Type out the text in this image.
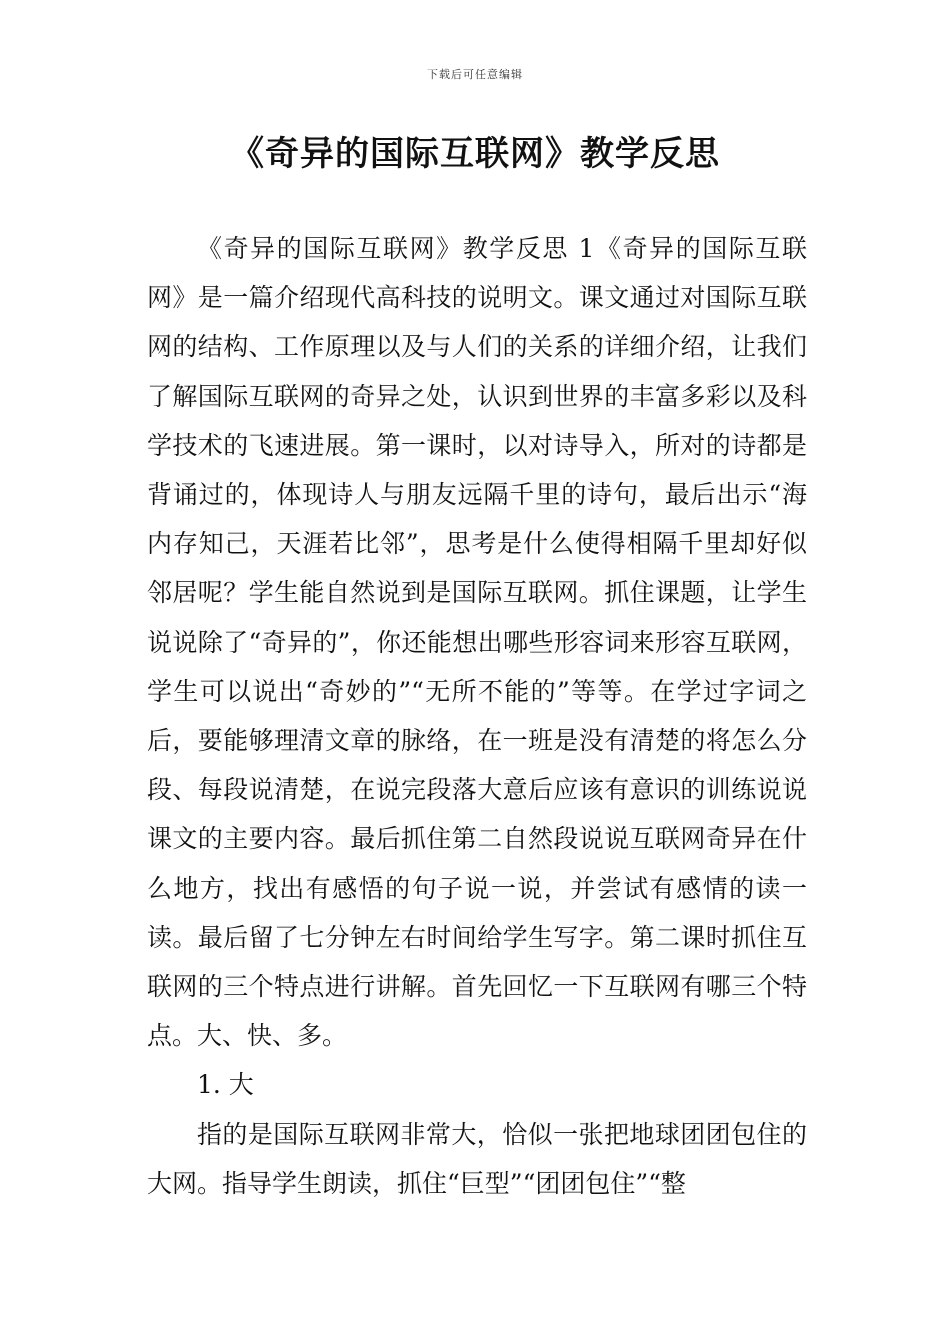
下载后可任意编辑
《奇异的国际互联网》教学反思

《奇异的国际互联网》教学反思 1《奇异的国际互联网》是一篇介绍现代高科技的说明文。课文通过对国际互联网的结构、工作原理以及与人们的关系的详细介绍，让我们了解国际互联网的奇异之处，认识到世界的丰富多彩以及科学技术的飞速进展。第一课时，以对诗导入，所对的诗都是背诵过的，体现诗人与朋友远隔千里的诗句，最后出示“海内存知己，天涯若比邻”，思考是什么使得相隔千里却好似邻居呢？学生能自然说到是国际互联网。抓住课题，让学生说说除了“奇异的”，你还能想出哪些形容词来形容互联网，学生可以说出“奇妙的”“无所不能的”等等。在学过字词之后，要能够理清文章的脉络，在一班是没有清楚的将怎么分段、每段说清楚，在说完段落大意后应该有意识的训练说说课文的主要内容。最后抓住第二自然段说说互联网奇异在什么地方，找出有感悟的句子说一说，并尝试有感情的读一读。最后留了七分钟左右时间给学生写字。第二课时抓住互联网的三个特点进行讲解。首先回忆一下互联网有哪三个特点。大、快、多。

1. 大

指的是国际互联网非常大，恰似一张把地球团团包住的大网。指导学生朗读，抓住“巨型”“团团包住”“整
